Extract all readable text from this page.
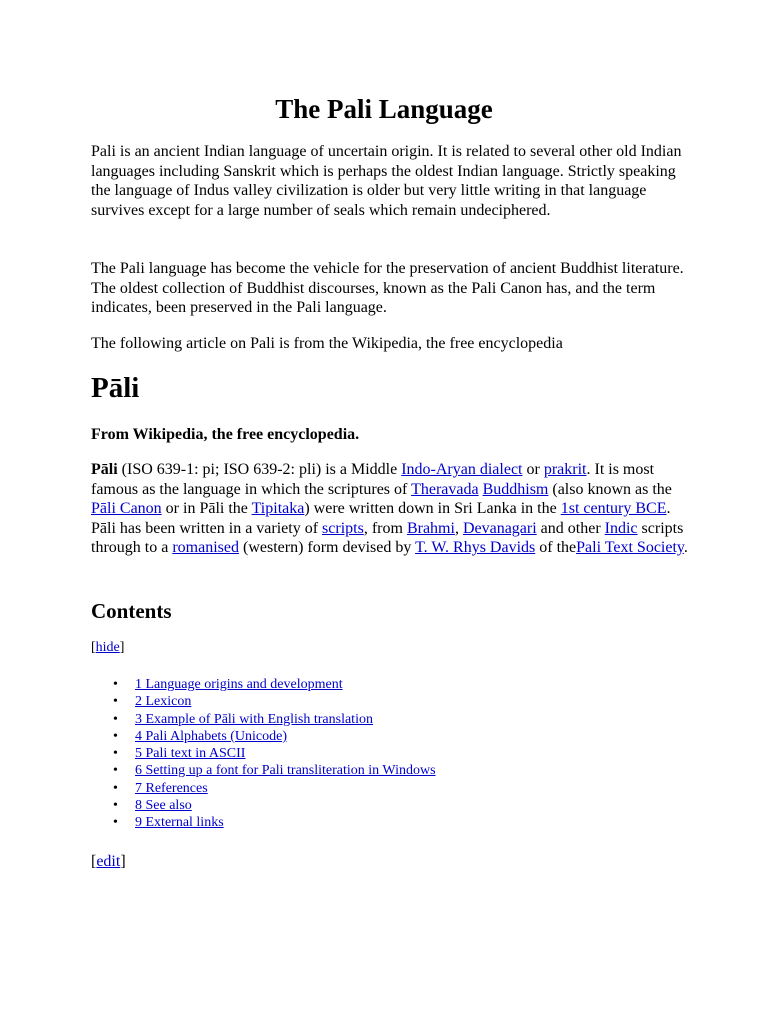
The Pali Language

Pali is an ancient Indian language of uncertain origin. It is related to several other old Indian languages including Sanskrit which is perhaps the oldest Indian language. Strictly speaking the language of Indus valley civilization is older but very little writing in that language survives except for a large number of seals which remain undeciphered.

The Pali language has become the vehicle for the preservation of ancient Buddhist literature. The oldest collection of Buddhist discourses, known as the Pali Canon has, and the term indicates, been preserved in the Pali language.

The following article on Pali is from the Wikipedia, the free encyclopedia

Pāli

From Wikipedia, the free encyclopedia.

Pāli (ISO 639-1: pi; ISO 639-2: pli) is a Middle Indo-Aryan dialect or prakrit. It is most famous as the language in which the scriptures of Theravada Buddhism (also known as the Pāli Canon or in Pāli the Tipitaka) were written down in Sri Lanka in the 1st century BCE. Pāli has been written in a variety of scripts, from Brahmi, Devanagari and other Indic scripts through to a romanised (western) form devised by T. W. Rhys Davids of thePali Text Society.

Contents
[hide]
• 1 Language origins and development
• 2 Lexicon
• 3 Example of Pāli with English translation
• 4 Pali Alphabets (Unicode)
• 5 Pali text in ASCII
• 6 Setting up a font for Pali transliteration in Windows
• 7 References
• 8 See also
• 9 External links
[edit]
